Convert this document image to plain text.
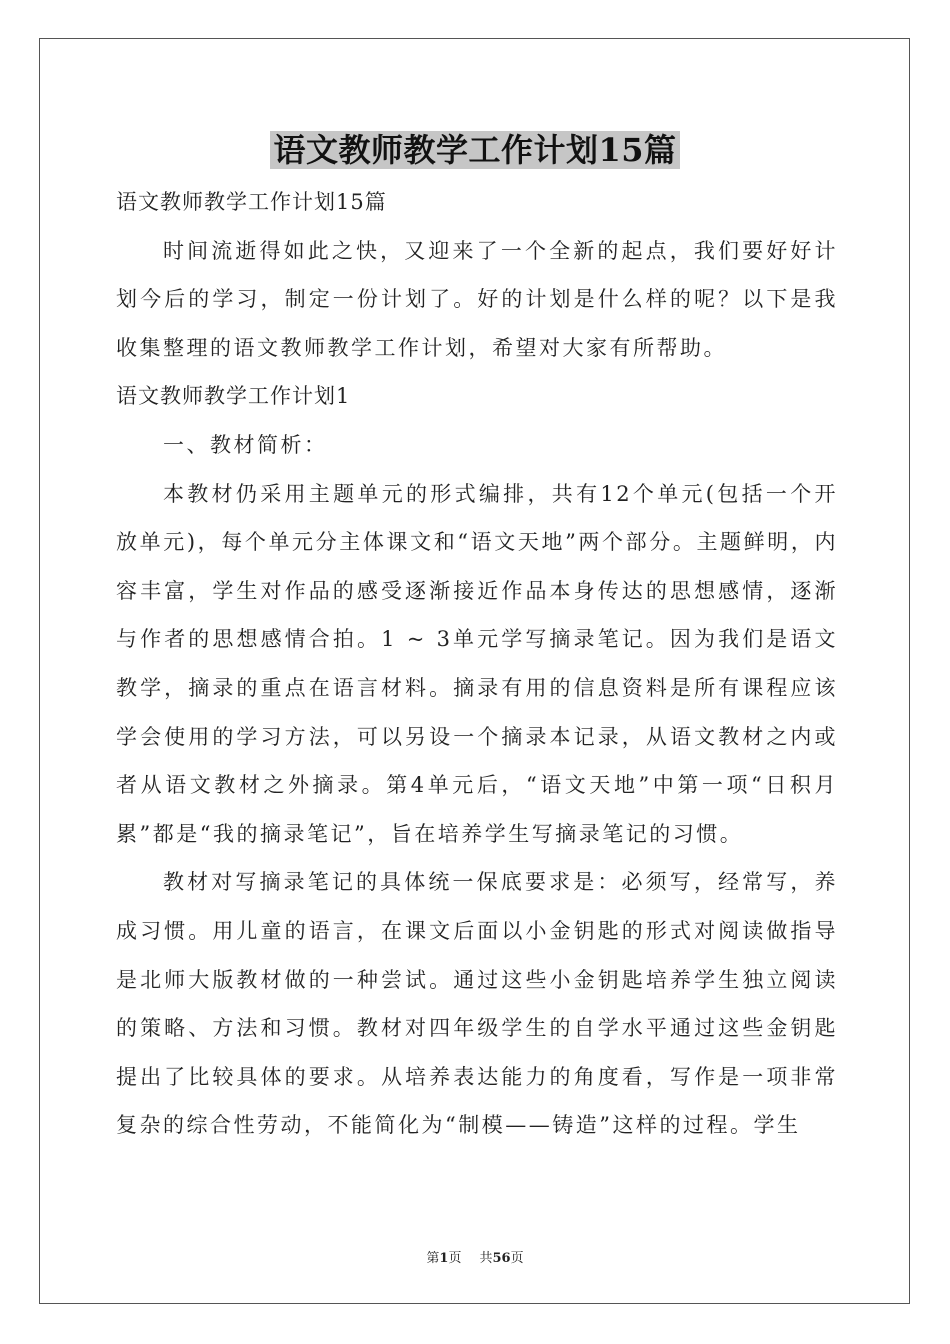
语文教师教学工作计划15篇

语文教师教学工作计划15篇

时间流逝得如此之快，又迎来了一个全新的起点，我们要好好计划今后的学习，制定一份计划了。好的计划是什么样的呢？以下是我收集整理的语文教师教学工作计划，希望对大家有所帮助。

语文教师教学工作计划1

一、教材简析：

本教材仍采用主题单元的形式编排，共有12个单元(包括一个开放单元)，每个单元分主体课文和“语文天地”两个部分。主题鲜明，内容丰富，学生对作品的感受逐渐接近作品本身传达的思想感情，逐渐与作者的思想感情合拍。1 ~ 3单元学写摘录笔记。因为我们是语文教学，摘录的重点在语言材料。摘录有用的信息资料是所有课程应该学会使用的学习方法，可以另设一个摘录本记录，从语文教材之内或者从语文教材之外摘录。第4单元后，“语文天地”中第一项“日积月累”都是“我的摘录笔记”，旨在培养学生写摘录笔记的习惯。

教材对写摘录笔记的具体统一保底要求是：必须写，经常写，养成习惯。用儿童的语言，在课文后面以小金钥匙的形式对阅读做指导是北师大版教材做的一种尝试。通过这些小金钥匙培养学生独立阅读的策略、方法和习惯。教材对四年级学生的自学水平通过这些金钥匙提出了比较具体的要求。从培养表达能力的角度看，写作是一项非常复杂的综合性劳动，不能简化为“制模——铸造”这样的过程。学生

第1页 共56页
